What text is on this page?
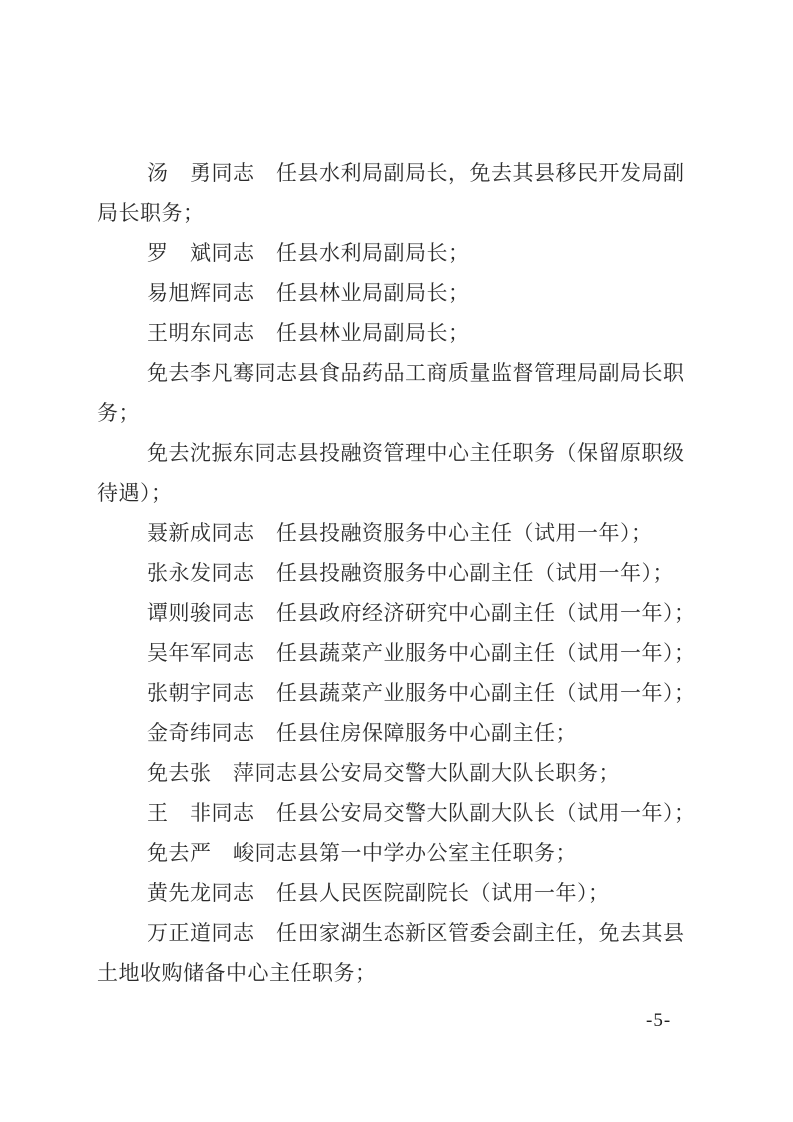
汤　勇同志　任县水利局副局长，免去其县移民开发局副
局长职务；
罗　斌同志　任县水利局副局长；
易旭辉同志　任县林业局副局长；
王明东同志　任县林业局副局长；
免去李凡骞同志县食品药品工商质量监督管理局副局长职
务；
免去沈振东同志县投融资管理中心主任职务（保留原职级
待遇）；
聂新成同志　任县投融资服务中心主任（试用一年）；
张永发同志　任县投融资服务中心副主任（试用一年）；
谭则骏同志　任县政府经济研究中心副主任（试用一年）；
吴年军同志　任县蔬菜产业服务中心副主任（试用一年）；
张朝宇同志　任县蔬菜产业服务中心副主任（试用一年）；
金奇纬同志　任县住房保障服务中心副主任；
免去张　萍同志县公安局交警大队副大队长职务；
王　非同志　任县公安局交警大队副大队长（试用一年）；
免去严　峻同志县第一中学办公室主任职务；
黄先龙同志　任县人民医院副院长（试用一年）；
万正道同志　任田家湖生态新区管委会副主任，免去其县
土地收购储备中心主任职务；
-5-
